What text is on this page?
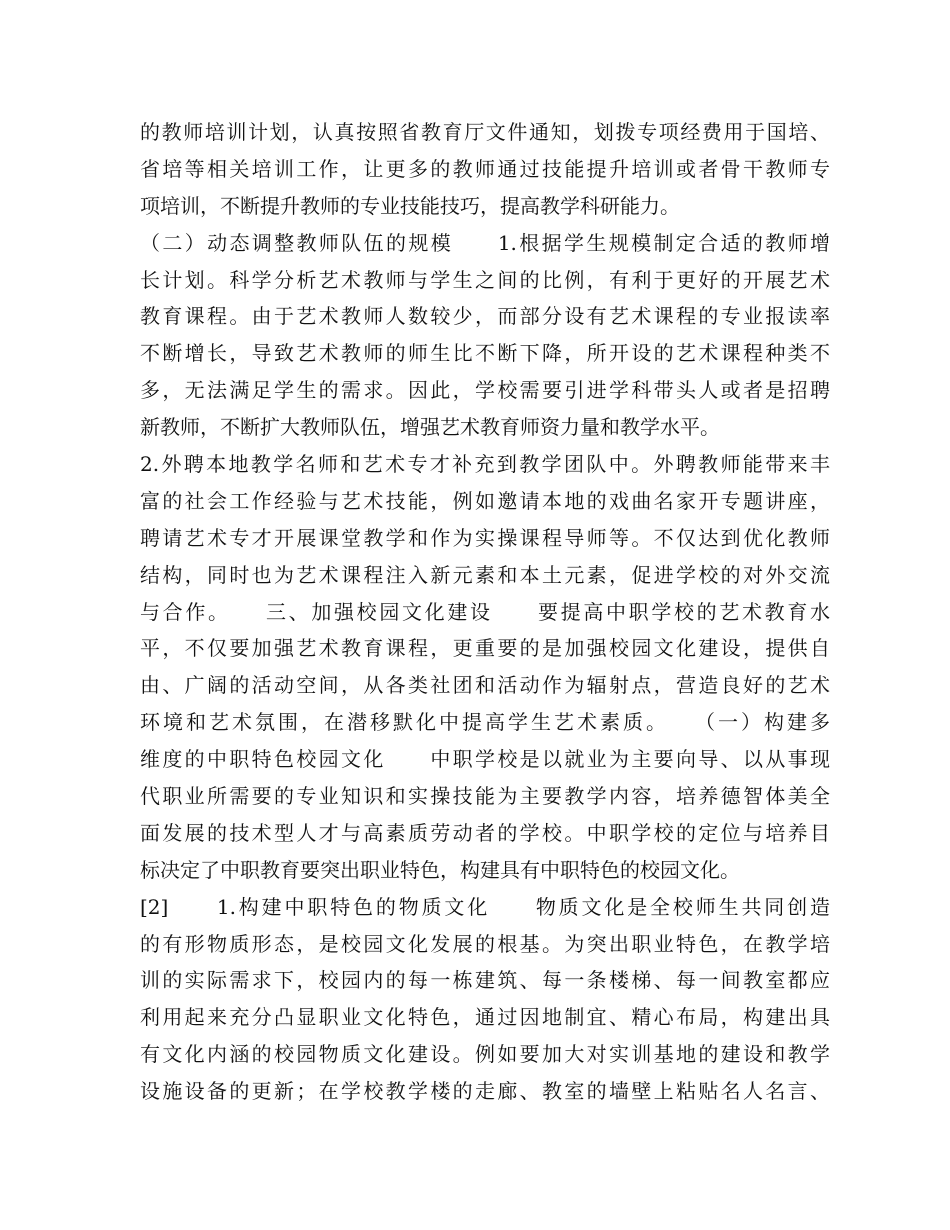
的教师培训计划，认真按照省教育厅文件通知，划拨专项经费用于国培、
省培等相关培训工作，让更多的教师通过技能提升培训或者骨干教师专
项培训，不断提升教师的专业技能技巧，提高教学科研能力。
（二）动态调整教师队伍的规模　　1.根据学生规模制定合适的教师增
长计划。科学分析艺术教师与学生之间的比例，有利于更好的开展艺术
教育课程。由于艺术教师人数较少，而部分设有艺术课程的专业报读率
不断增长，导致艺术教师的师生比不断下降，所开设的艺术课程种类不
多，无法满足学生的需求。因此，学校需要引进学科带头人或者是招聘
新教师，不断扩大教师队伍，增强艺术教育师资力量和教学水平。
2.外聘本地教学名师和艺术专才补充到教学团队中。外聘教师能带来丰
富的社会工作经验与艺术技能，例如邀请本地的戏曲名家开专题讲座，
聘请艺术专才开展课堂教学和作为实操课程导师等。不仅达到优化教师
结构，同时也为艺术课程注入新元素和本土元素，促进学校的对外交流
与合作。　　三、加强校园文化建设　　要提高中职学校的艺术教育水
平，不仅要加强艺术教育课程，更重要的是加强校园文化建设，提供自
由、广阔的活动空间，从各类社团和活动作为辐射点，营造良好的艺术
环境和艺术氛围，在潜移默化中提高学生艺术素质。　　（一）构建多
维度的中职特色校园文化　　中职学校是以就业为主要向导、以从事现
代职业所需要的专业知识和实操技能为主要教学内容，培养德智体美全
面发展的技术型人才与高素质劳动者的学校。中职学校的定位与培养目
标决定了中职教育要突出职业特色，构建具有中职特色的校园文化。
[2]　　1.构建中职特色的物质文化　　物质文化是全校师生共同创造
的有形物质形态，是校园文化发展的根基。为突出职业特色，在教学培
训的实际需求下，校园内的每一栋建筑、每一条楼梯、每一间教室都应
利用起来充分凸显职业文化特色，通过因地制宜、精心布局，构建出具
有文化内涵的校园物质文化建设。例如要加大对实训基地的建设和教学
设施设备的更新；在学校教学楼的走廊、教室的墙壁上粘贴名人名言、
